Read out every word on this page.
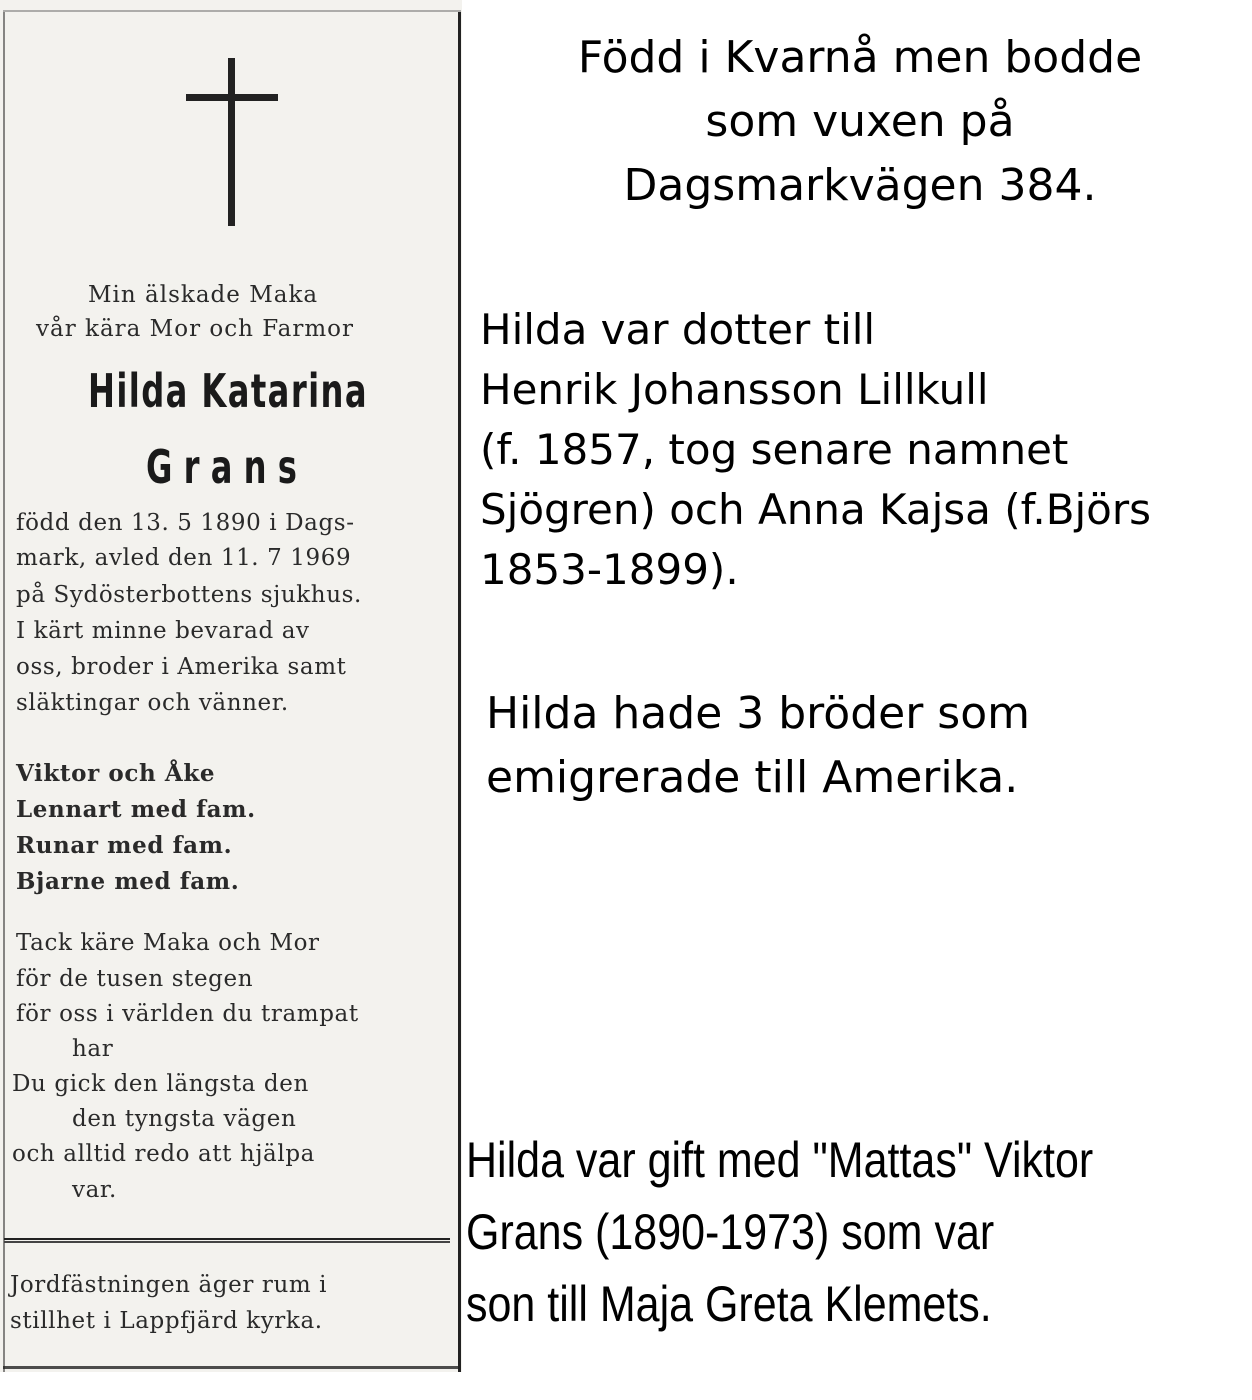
Min älskade Maka
vår kära Mor och Farmor
Hilda Katarina
Grans
född den 13. 5 1890 i Dags-
mark, avled den 11. 7 1969
på Sydösterbottens sjukhus.
I kärt minne bevarad av
oss, broder i Amerika samt
släktingar och vänner.
Viktor och Åke
Lennart med fam.
Runar med fam.
Bjarne med fam.
Tack käre Maka och Mor
för de tusen stegen
för oss i världen du trampat
har
Du gick den längsta den
den tyngsta vägen
och alltid redo att hjälpa
var.
Jordfästningen äger rum i
stillhet i Lappfjärd kyrka.
Född i Kvarnå men bodde
som vuxen på
Dagsmarkvägen 384.
Hilda var dotter till
Henrik Johansson Lillkull
(f. 1857, tog senare namnet
Sjögren) och Anna Kajsa (f.Björs
1853-1899).
Hilda hade 3 bröder som
emigrerade till Amerika.
Hilda var gift med "Mattas" Viktor
Grans (1890-1973) som var
son till Maja Greta Klemets.
